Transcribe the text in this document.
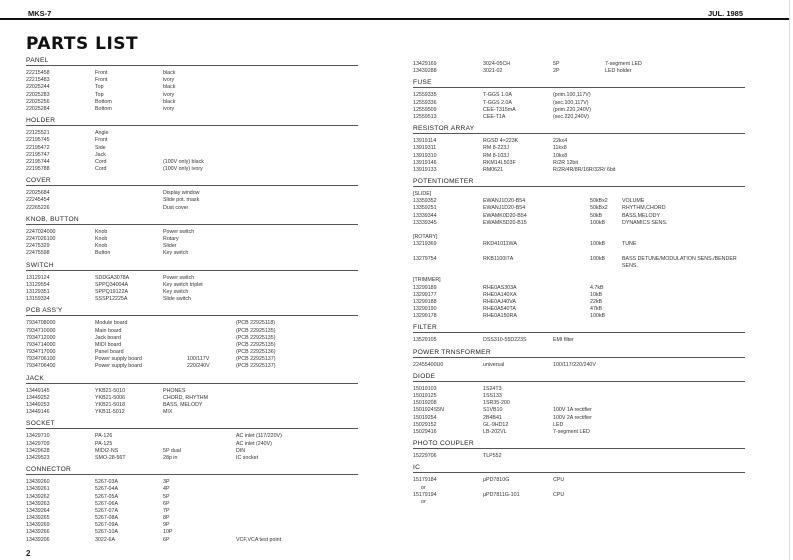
MKS-7	JUL. 1985
PARTS LIST
PANEL
22215458	Front	black
22215483	Front	ivory
22025244	Top	black
22025283	Top	ivory
22025256	Bottom	black
22025284	Bottom	ivory
HOLDER
22125521	Angle
22195745	Front
22195472	Side
22195747	Jack
22195744	Cord	(100V only) black
22195788	Cord	(100V only) ivory
COVER
22025684	Display window
22245454	Slide pot. mask
22265226	Dust cover
KNOB, BUTTON
2247024000	Knob	Power switch
2247026100	Knob	Rotary
22475329	Knob	Slider
22475598	Button	Key switch
SWITCH
13129124	SDDGA3078A	Power switch
13129554	SPPQ34004A	Key switch triplet
13129351	SPPQ19122A	Key switch
13159334	SSSP12225A	Slide switch
PCB ASS'Y
7934708000	Module board	(PCB 22925118)
7934710000	Main board	(PCB 22925135)
7934712000	Jack board	(PCB 22925135)
7934714000	MIDI board	(PCB 22925135)
7934717000	Panel board	(PCB 22925136)
7934706100	Power supply board	100/117V	(PCB 22925137)
7934706400	Power supply board	220/240V	(PCB 22925137)
JACK
13449145	YKB21-5010	PHONES
13449252	YKB21-5006	CHORD, RHYTHM
13449253	YKB21-5018	BASS, MELODY
13449146	YKB11-5012	MIX
SOCKET
13429710	PA-126	AC inlet (117/220V)
13429709	PA-125	AC inlet (240V)
13429628	MIDI2-NS	5P dual	DIN
13429523	SMO-28-56T	28p in	IC socket
CONNECTOR
13439260	5267-03A	3P
13439261	5267-04A	4P
13439262	5267-05A	5P
13439263	5267-06A	6P
13439264	5267-07A	7P
13439265	5267-08A	8P
13439269	5267-09A	9P
13439266	5267-10A	10P
13439206	3022-6A	6P	VCF,VCA test point
13429169	3024-05CH	5P	7-segment LED
13439288	3021-02	2P	LED holder
FUSE
12559335	T-GGS 1.0A	(prim.100,117V)
12559336	T-GGS 2.0A	(sec.100,117V)
12559509	CEE-T315mA	(prim.220,240V)
12559513	CEE-T1A	(sec.220,240V)
RESISTOR ARRAY
13919114	RGSD 4×223K	22kx4
13919311	RM 8-223J	11kx8
13919310	RM 8-103J	10kx8
13919146	RKM14L503F	R/2R 12bit
13919133	RM0621	R/2R/4R/8R/16R/32R/ 6bit
POTENTIOMETER
[SLIDE]
13359352	EWANJ1D20-B54	50kBx2	VOLUME
13359251	EWANJ1D20-B54	50kBx2	RHYTHM,CHORD
13339344	EWAMK0D20-B54	50kB	BASS,MELODY
13339345	EWAMK5D20-B15	100kB	DYNAMICS SENS.
[ROTARY]
13219369	RKD41011WA	100kB	TUNE
13279754	RKB1100I7A	100kB	BASS DETUNE/MODULATION SENS./BENDER SENS.
[TRIMMER]
13299189	RHE0AS303A	4.7kB
13299177	RHE0A140XA	10kB
13299188	RHE0AJ40VA	22kB
13299190	RHE0A540TA	47kB
13299178	RHE0A150RA	100kB
FILTER
13529105	DSS310-55D223S	EMI filter
POWER TRNSFORMER
22455400U0	universal	100/117/220/240V
DIODE
15019103	1S24T3
15019125	1SS133
15019208	1SR35-200
1501924S5N	S1VB10	100V 1A rectifier
15019254	2B4B41	100V 2A rectifier
15029152	GL-9HD12	LED
15029416	LB-202VL	7-segment LED
PHOTO COUPLER
15229706	TLP552
IC
15179184	μPD7810G	CPU
or
15179194	μPD7811G-101	CPU
or
2
